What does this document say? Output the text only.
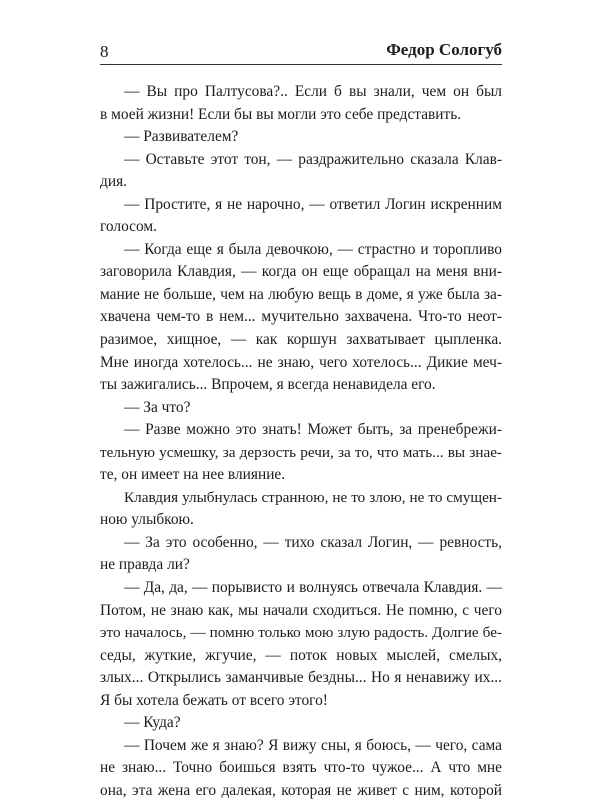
8	Федор Сологуб
— Вы про Палтусова?.. Если б вы знали, чем он был
в моей жизни! Если бы вы могли это себе представить.
— Развивателем?
— Оставьте этот тон, — раздражительно сказала Клав-
дия.
— Простите, я не нарочно, — ответил Логин искренним
голосом.
— Когда еще я была девочкою, — страстно и торопливо
заговорила Клавдия, — когда он еще обращал на меня вни-
мание не больше, чем на любую вещь в доме, я уже была за-
хвачена чем-то в нем... мучительно захвачена. Что-то неот-
разимое, хищное, — как коршун захватывает цыпленка.
Мне иногда хотелось... не знаю, чего хотелось... Дикие меч-
ты зажигались... Впрочем, я всегда ненавидела его.
— За что?
— Разве можно это знать! Может быть, за пренебрежи-
тельную усмешку, за дерзость речи, за то, что мать... вы знае-
те, он имеет на нее влияние.
Клавдия улыбнулась странною, не то злою, не то смущен-
ною улыбкою.
— За это особенно, — тихо сказал Логин, — ревность,
не правда ли?
— Да, да, — порывисто и волнуясь отвечала Клавдия. —
Потом, не знаю как, мы начали сходиться. Не помню, с чего
это началось, — помню только мою злую радость. Долгие бе-
седы, жуткие, жгучие, — поток новых мыслей, смелых,
злых... Открылись заманчивые бездны... Но я ненавижу их...
Я бы хотела бежать от всего этого!
— Куда?
— Почем же я знаю? Я вижу сны, я боюсь, — чего, сама
не знаю... Точно боишься взять что-то чужое... А что мне
она, эта жена его далекая, которая не живет с ним, которой
